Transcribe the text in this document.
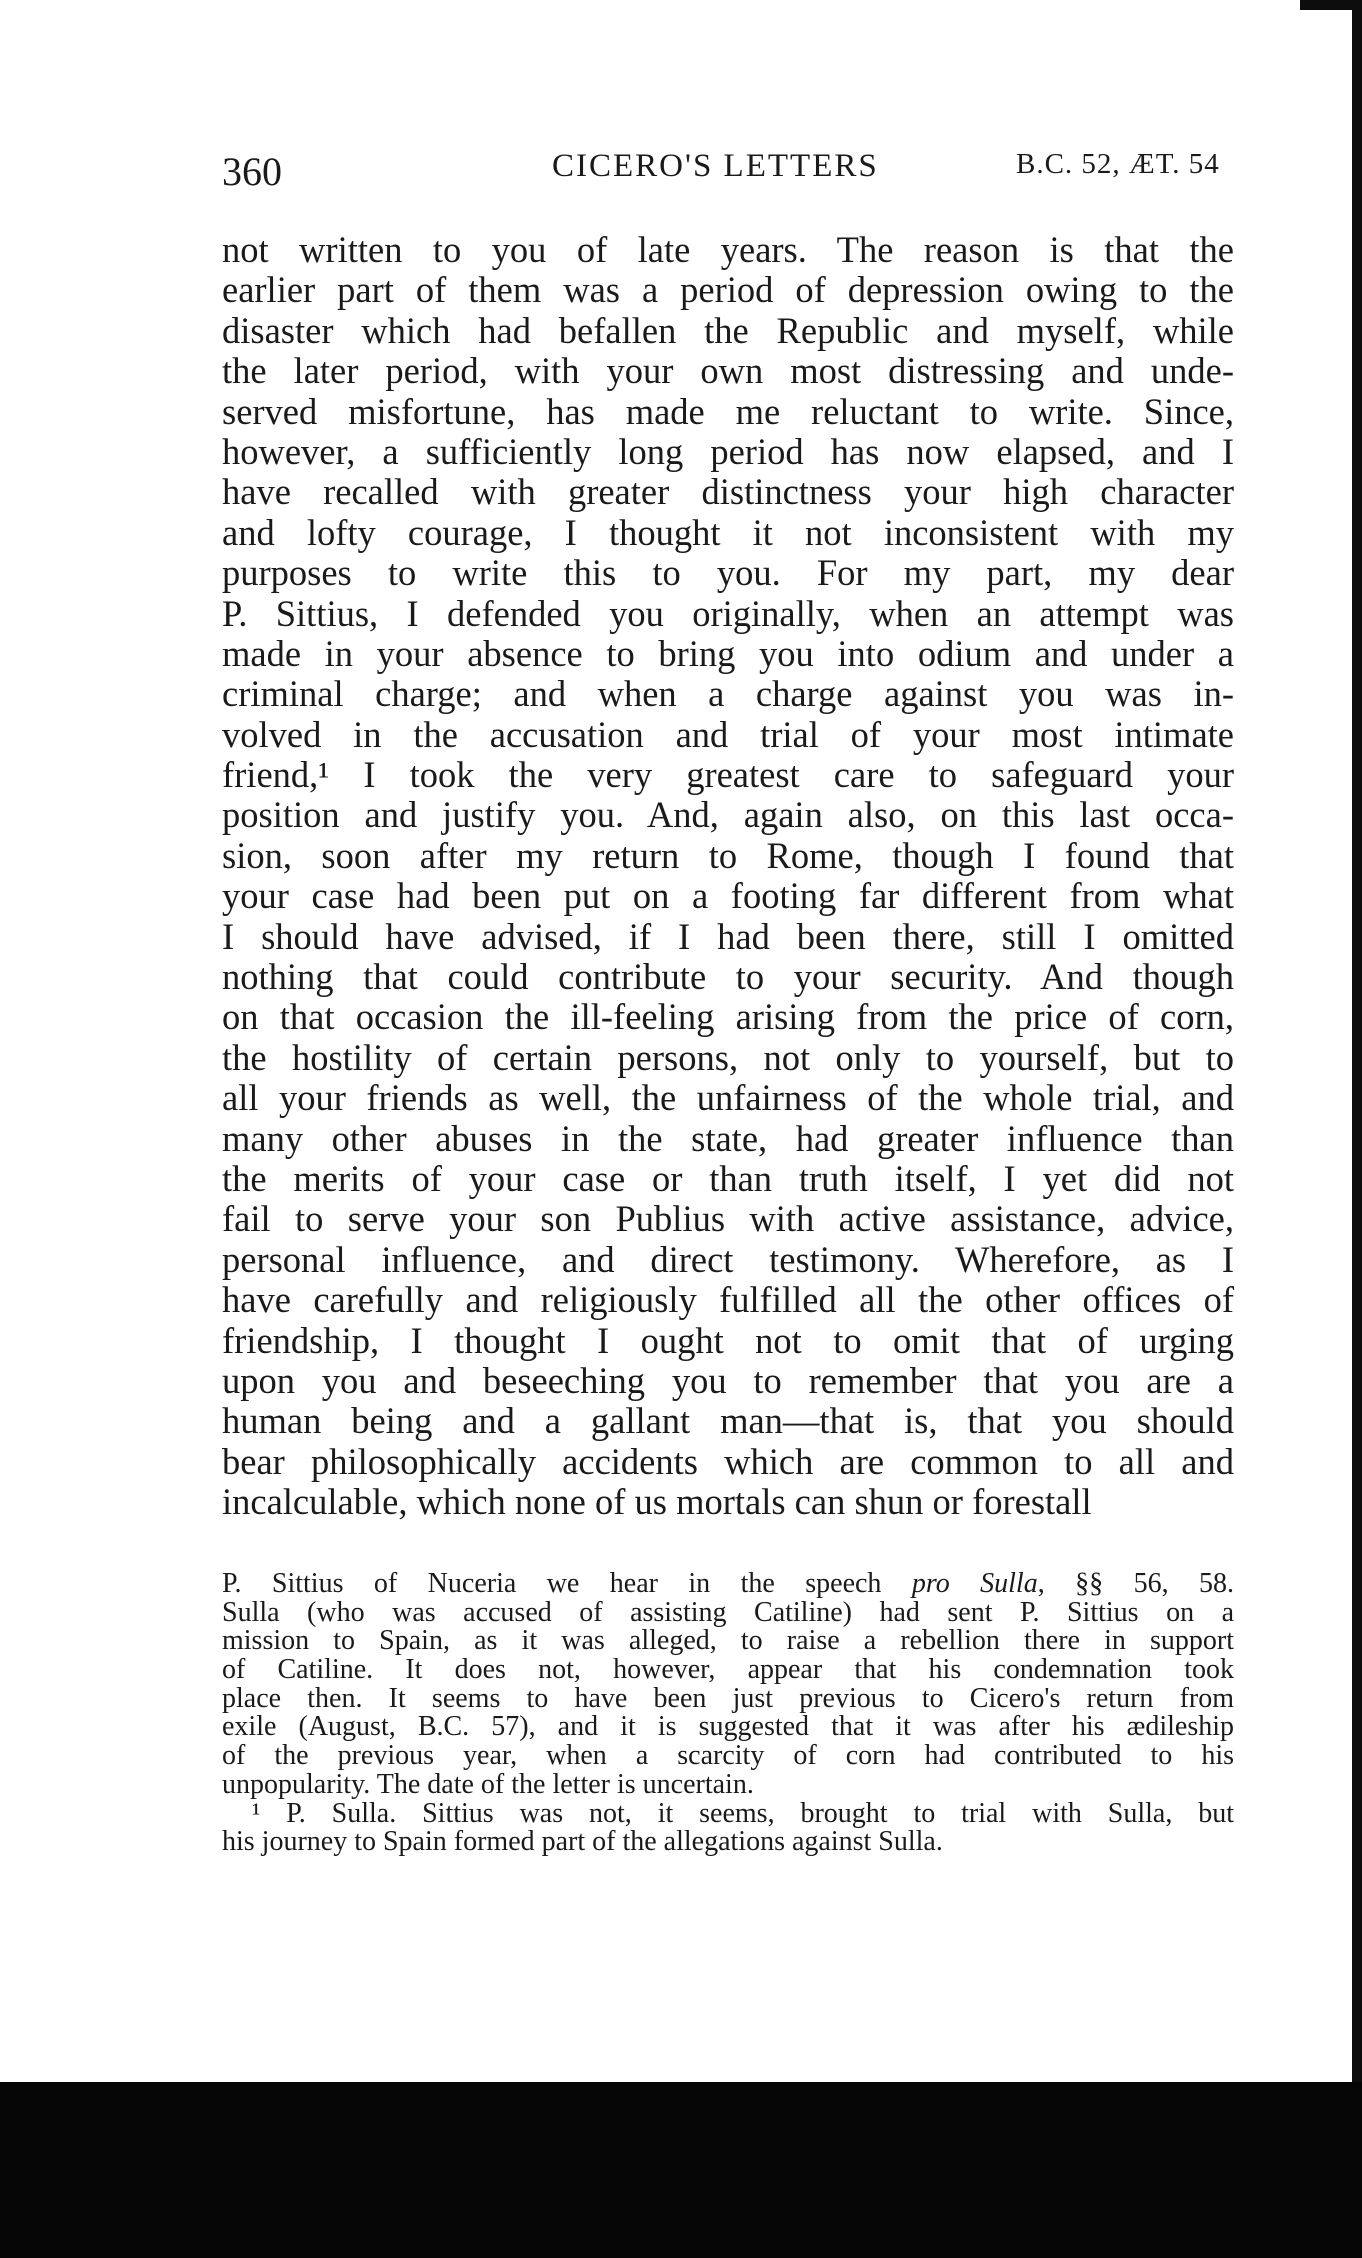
360	CICERO'S LETTERS	B.C. 52, ÆT. 54
not written to you of late years. The reason is that the
earlier part of them was a period of depression owing to the
disaster which had befallen the Republic and myself, while
the later period, with your own most distressing and unde-
served misfortune, has made me reluctant to write. Since,
however, a sufficiently long period has now elapsed, and I
have recalled with greater distinctness your high character
and lofty courage, I thought it not inconsistent with my
purposes to write this to you. For my part, my dear
P. Sittius, I defended you originally, when an attempt was
made in your absence to bring you into odium and under a
criminal charge; and when a charge against you was in-
volved in the accusation and trial of your most intimate
friend,¹ I took the very greatest care to safeguard your
position and justify you. And, again also, on this last occa-
sion, soon after my return to Rome, though I found that
your case had been put on a footing far different from what
I should have advised, if I had been there, still I omitted
nothing that could contribute to your security. And though
on that occasion the ill-feeling arising from the price of corn,
the hostility of certain persons, not only to yourself, but to
all your friends as well, the unfairness of the whole trial, and
many other abuses in the state, had greater influence than
the merits of your case or than truth itself, I yet did not
fail to serve your son Publius with active assistance, advice,
personal influence, and direct testimony. Wherefore, as I
have carefully and religiously fulfilled all the other offices of
friendship, I thought I ought not to omit that of urging
upon you and beseeching you to remember that you are a
human being and a gallant man—that is, that you should
bear philosophically accidents which are common to all and
incalculable, which none of us mortals can shun or forestall
P. Sittius of Nuceria we hear in the speech pro Sulla, §§ 56, 58.
Sulla (who was accused of assisting Catiline) had sent P. Sittius on a
mission to Spain, as it was alleged, to raise a rebellion there in support
of Catiline. It does not, however, appear that his condemnation took
place then. It seems to have been just previous to Cicero's return from
exile (August, B.C. 57), and it is suggested that it was after his ædileship
of the previous year, when a scarcity of corn had contributed to his
unpopularity. The date of the letter is uncertain.
¹ P. Sulla. Sittius was not, it seems, brought to trial with Sulla, but
his journey to Spain formed part of the allegations against Sulla.
